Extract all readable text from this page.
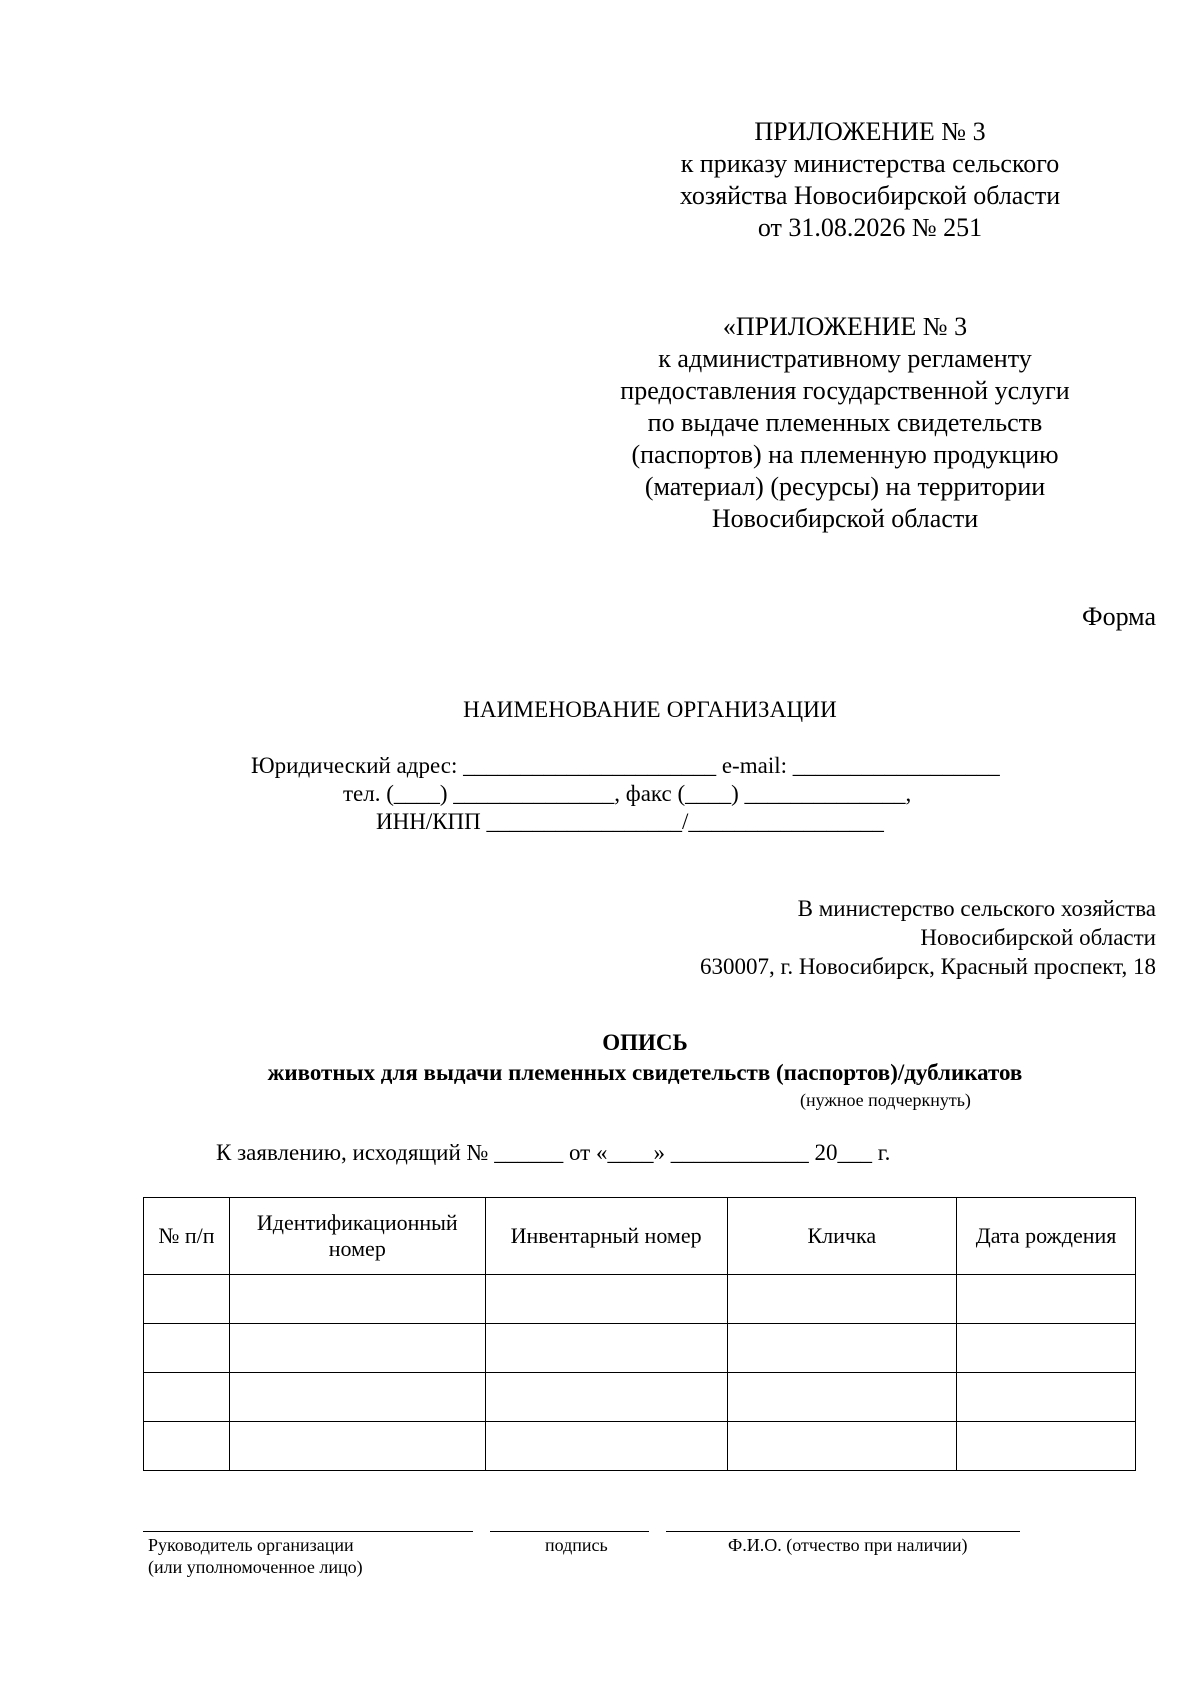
ПРИЛОЖЕНИЕ № 3
к приказу министерства сельского
хозяйства Новосибирской области
от 31.08.2026 № 251
«ПРИЛОЖЕНИЕ № 3
к административному регламенту
предоставления государственной услуги
по выдаче племенных свидетельств
(паспортов) на племенную продукцию
(материал) (ресурсы) на территории
Новосибирской области
Форма
НАИМЕНОВАНИЕ ОРГАНИЗАЦИИ
Юридический адрес: ______________________ e-mail: __________________
тел. (____) ______________, факс (____) ______________,
ИНН/КПП _________________/_________________
В министерство сельского хозяйства
Новосибирской области
630007, г. Новосибирск, Красный проспект, 18
ОПИСЬ
животных для выдачи племенных свидетельств (паспортов)/дубликатов
(нужное подчеркнуть)
К заявлению, исходящий № ______ от «____» ____________ 20___ г.
№ п/п	Идентификационный номер	Инвентарный номер	Кличка	Дата рождения

Руководитель организации
(или уполномоченное лицо)
подпись	Ф.И.О. (отчество при наличии)
